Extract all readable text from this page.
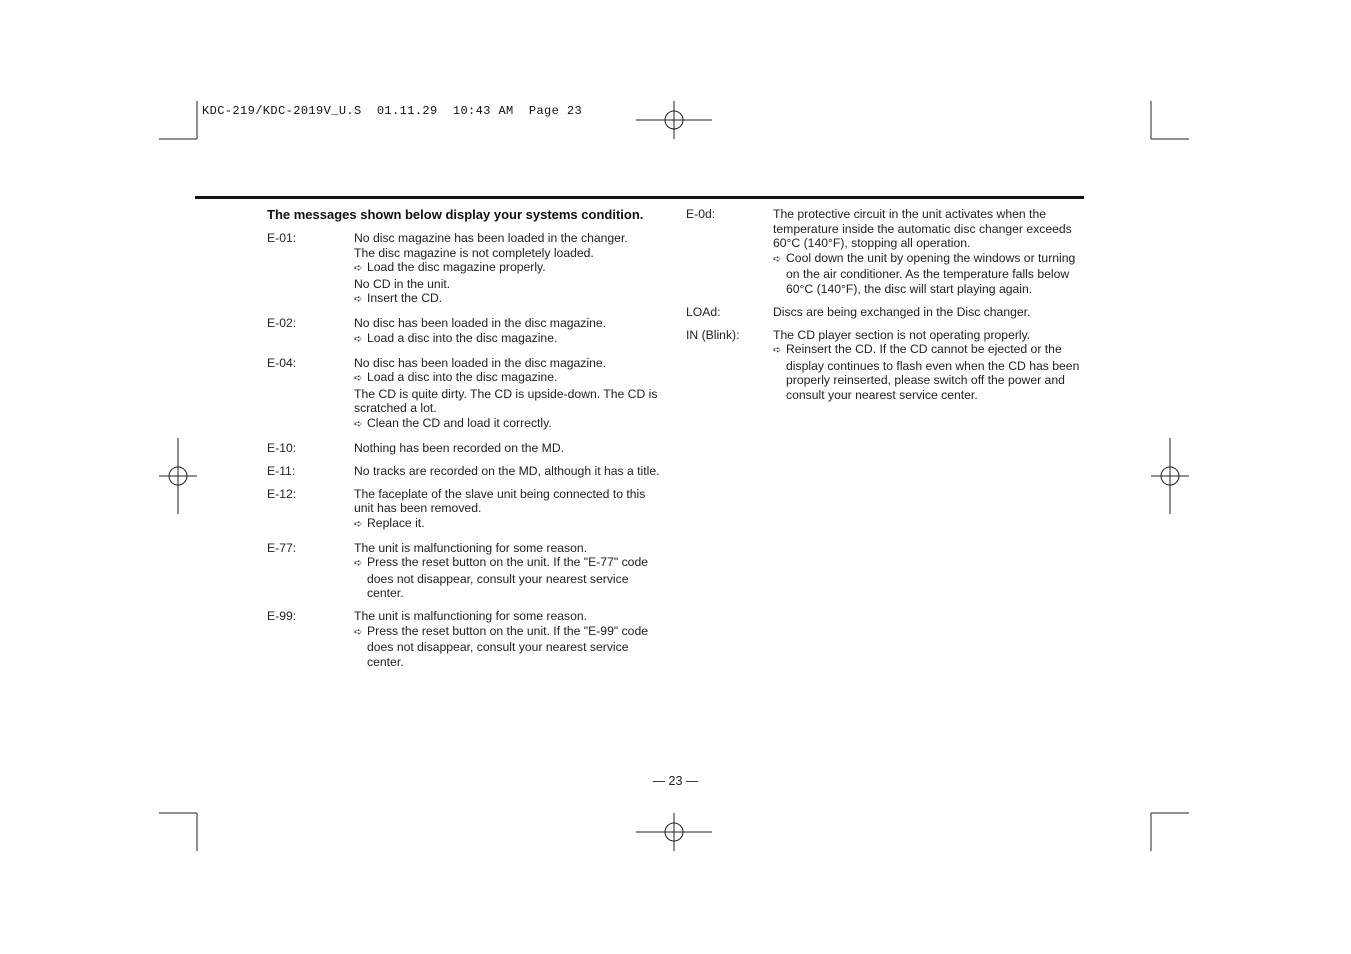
KDC-219/KDC-2019V_U.S  01.11.29  10:43 AM  Page 23
The messages shown below display your systems condition.
E-01:	No disc magazine has been loaded in the changer.
The disc magazine is not completely loaded.
➪ Load the disc magazine properly.
No CD in the unit.
➪ Insert the CD.
E-02:	No disc has been loaded in the disc magazine.
➪ Load a disc into the disc magazine.
E-04:	No disc has been loaded in the disc magazine.
➪ Load a disc into the disc magazine.
The CD is quite dirty. The CD is upside-down. The CD is scratched a lot.
➪ Clean the CD and load it correctly.
E-10:	Nothing has been recorded on the MD.
E-11:	No tracks are recorded on the MD, although it has a title.
E-12:	The faceplate of the slave unit being connected to this unit has been removed.
➪ Replace it.
E-77:	The unit is malfunctioning for some reason.
➪ Press the reset button on the unit. If the "E-77" code does not disappear, consult your nearest service center.
E-99:	The unit is malfunctioning for some reason.
➪ Press the reset button on the unit. If the "E-99" code does not disappear, consult your nearest service center.
E-0d:	The protective circuit in the unit activates when the temperature inside the automatic disc changer exceeds 60°C (140°F), stopping all operation.
➪ Cool down the unit by opening the windows or turning on the air conditioner. As the temperature falls below 60°C (140°F), the disc will start playing again.
LOAd:	Discs are being exchanged in the Disc changer.
IN (Blink):	The CD player section is not operating properly.
➪ Reinsert the CD. If the CD cannot be ejected or the display continues to flash even when the CD has been properly reinserted, please switch off the power and consult your nearest service center.
— 23 —
